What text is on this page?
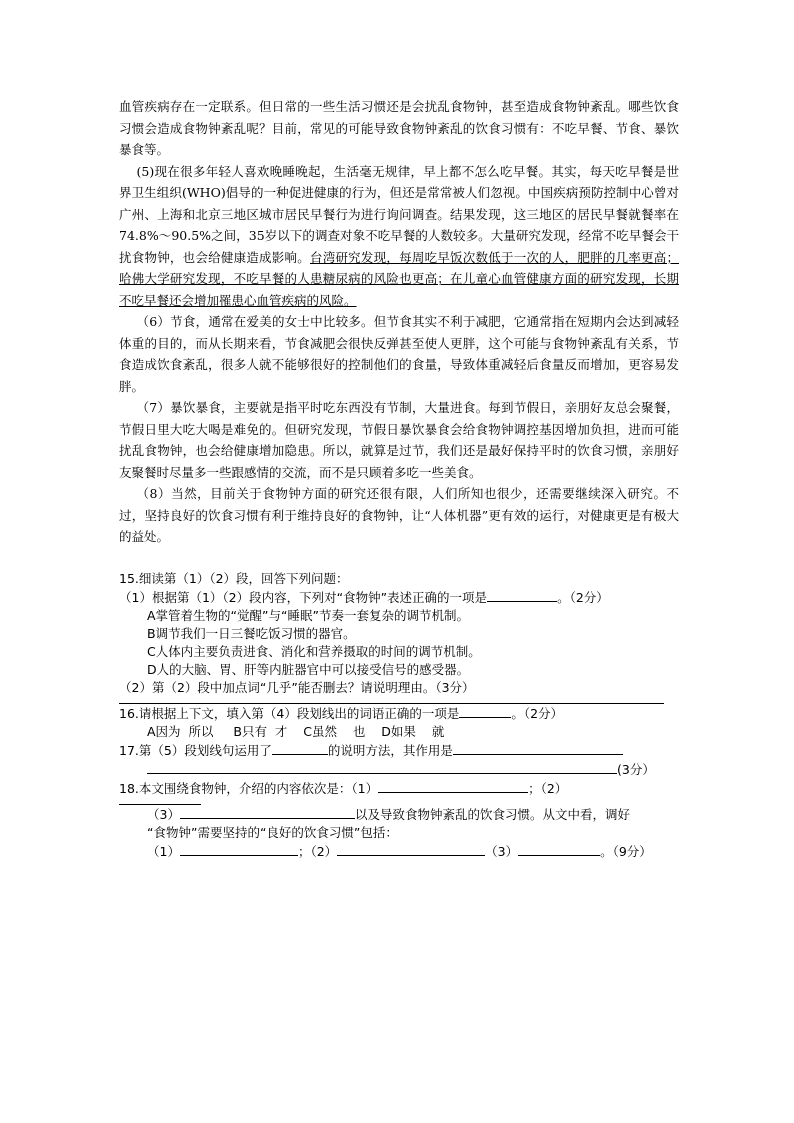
血管疾病存在一定联系。但日常的一些生活习惯还是会扰乱食物钟，甚至造成食物钟紊乱。哪些饮食习惯会造成食物钟紊乱呢？目前，常见的可能导致食物钟紊乱的饮食习惯有：不吃早餐、节食、暴饮暴食等。

(5)现在很多年轻人喜欢晚睡晚起，生活毫无规律，早上都不怎么吃早餐。其实，每天吃早餐是世界卫生组织(WHO)倡导的一种促进健康的行为，但还是常常被人们忽视。中国疾病预防控制中心曾对广州、上海和北京三地区城市居民早餐行为进行询问调查。结果发现，这三地区的居民早餐就餐率在74.8%～90.5%之间，35岁以下的调查对象不吃早餐的人数较多。大量研究发现，经常不吃早餐会干扰食物钟，也会给健康造成影响。台湾研究发现，每周吃早饭次数低于一次的人，肥胖的几率更高；哈佛大学研究发现，不吃早餐的人患糖尿病的风险也更高；在儿童心血管健康方面的研究发现，长期不吃早餐还会增加罹患心血管疾病的风险。

（6）节食，通常在爱美的女士中比较多。但节食其实不利于减肥，它通常指在短期内会达到减轻体重的目的，而从长期来看，节食减肥会很快反弹甚至使人更胖，这个可能与食物钟紊乱有关系，节食造成饮食紊乱，很多人就不能够很好的控制他们的食量，导致体重减轻后食量反而增加，更容易发胖。

（7）暴饮暴食，主要就是指平时吃东西没有节制，大量进食。每到节假日，亲朋好友总会聚餐，节假日里大吃大喝是难免的。但研究发现，节假日暴饮暴食会给食物钟调控基因增加负担，进而可能扰乱食物钟，也会给健康增加隐患。所以，就算是过节，我们还是最好保持平时的饮食习惯，亲朋好友聚餐时尽量多一些跟感情的交流，而不是只顾着多吃一些美食。

（8）当然，目前关于食物钟方面的研究还很有限，人们所知也很少，还需要继续深入研究。不过，坚持良好的饮食习惯有利于维持良好的食物钟，让“人体机器”更有效的运行，对健康更是有极大的益处。

15.细读第（1）（2）段，回答下列问题：

（1）根据第（1）（2）段内容，下列对“食物钟”表述正确的一项是	。（2分）

A掌管着生物的“觉醒”与“睡眠”节奏一套复杂的调节机制。

B调节我们一日三餐吃饭习惯的器官。

C人体内主要负责进食、消化和营养摄取的时间的调节机制。

D人的大脑、胃、肝等内脏器官中可以接受信号的感受器。

（2）第（2）段中加点词“几乎”能否删去？请说明理由。（3分）

16.请根据上下文，填入第（4）段划线出的词语正确的一项是	。（2分）

A因为  所以     B只有  才    C虽然    也    D如果    就

17.第（5）段划线句运用了	的说明方法，其作用是

(3分）

18.本文围绕食物钟，介绍的内容依次是：（1）	；（2）

（3）	以及导致食物钟紊乱的饮食习惯。从文中看，调好

“食物钟”需要坚持的“良好的饮食习惯”包括：

（1）	；（2）	（3）	。（9分）
